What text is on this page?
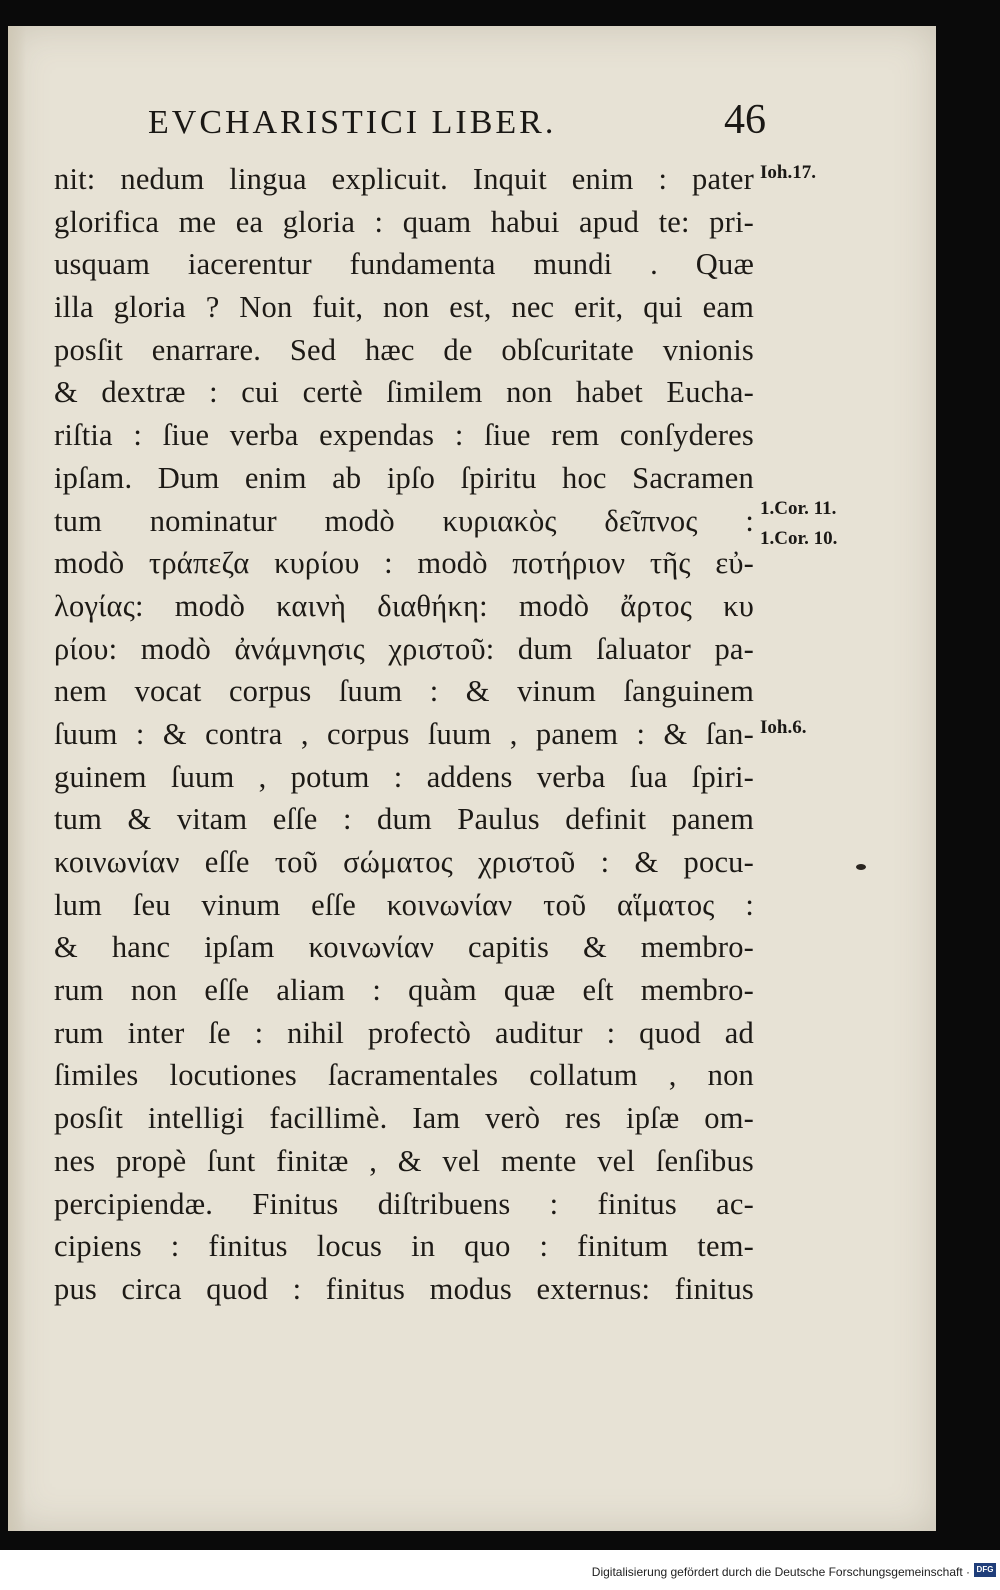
EVCHARISTICI LIBER.	46
nit: nedum lingua explicuit. Inquit enim : pater
glorifica me ea gloria : quam habui apud te: pri-
usquam iacerentur fundamenta mundi . Quæ
illa gloria ? Non fuit, non est, nec erit, qui eam
posſit enarrare. Sed hæc de obſcuritate vnionis
& dextræ : cui certè ſimilem non habet Eucha-
riſtia : ſiue verba expendas : ſiue rem conſyderes
ipſam. Dum enim ab ipſo ſpiritu hoc Sacramen
tum nominatur modò κυριακὸς δεῖπνος :
modò τράπεζα κυρίου : modò ποτήριον τῆς εὐ-
λογίας: modò καινὴ διαθήκη: modò ἄρτος κυ
ρίου: modò ἀνάμνησις χριστοῦ: dum ſaluator pa-
nem vocat corpus ſuum : & vinum ſanguinem
ſuum : & contra , corpus ſuum , panem : & ſan-
guinem ſuum , potum : addens verba ſua ſpiri-
tum & vitam eſſe : dum Paulus definit panem
κοινωνίαν eſſe τοῦ σώματος χριστοῦ : & pocu-
lum ſeu vinum eſſe κοινωνίαν τοῦ αἵματος :
& hanc ipſam κοινωνίαν capitis & membro-
rum non eſſe aliam : quàm quæ eſt membro-
rum inter ſe : nihil profectò auditur : quod ad
ſimiles locutiones ſacramentales collatum , non
posſit intelligi facillimè. Iam verò res ipſæ om-
nes propè ſunt finitæ , & vel mente vel ſenſibus
percipiendæ. Finitus diſtribuens : finitus ac-
cipiens : finitus locus in quo : finitum tem-
pus circa quod : finitus modus externus: finitus
Ioh.17.
1.Cor. 11.
1.Cor. 10.
Ioh.6.
Digitalisierung gefördert durch die Deutsche Forschungsgemeinschaft · DFG
